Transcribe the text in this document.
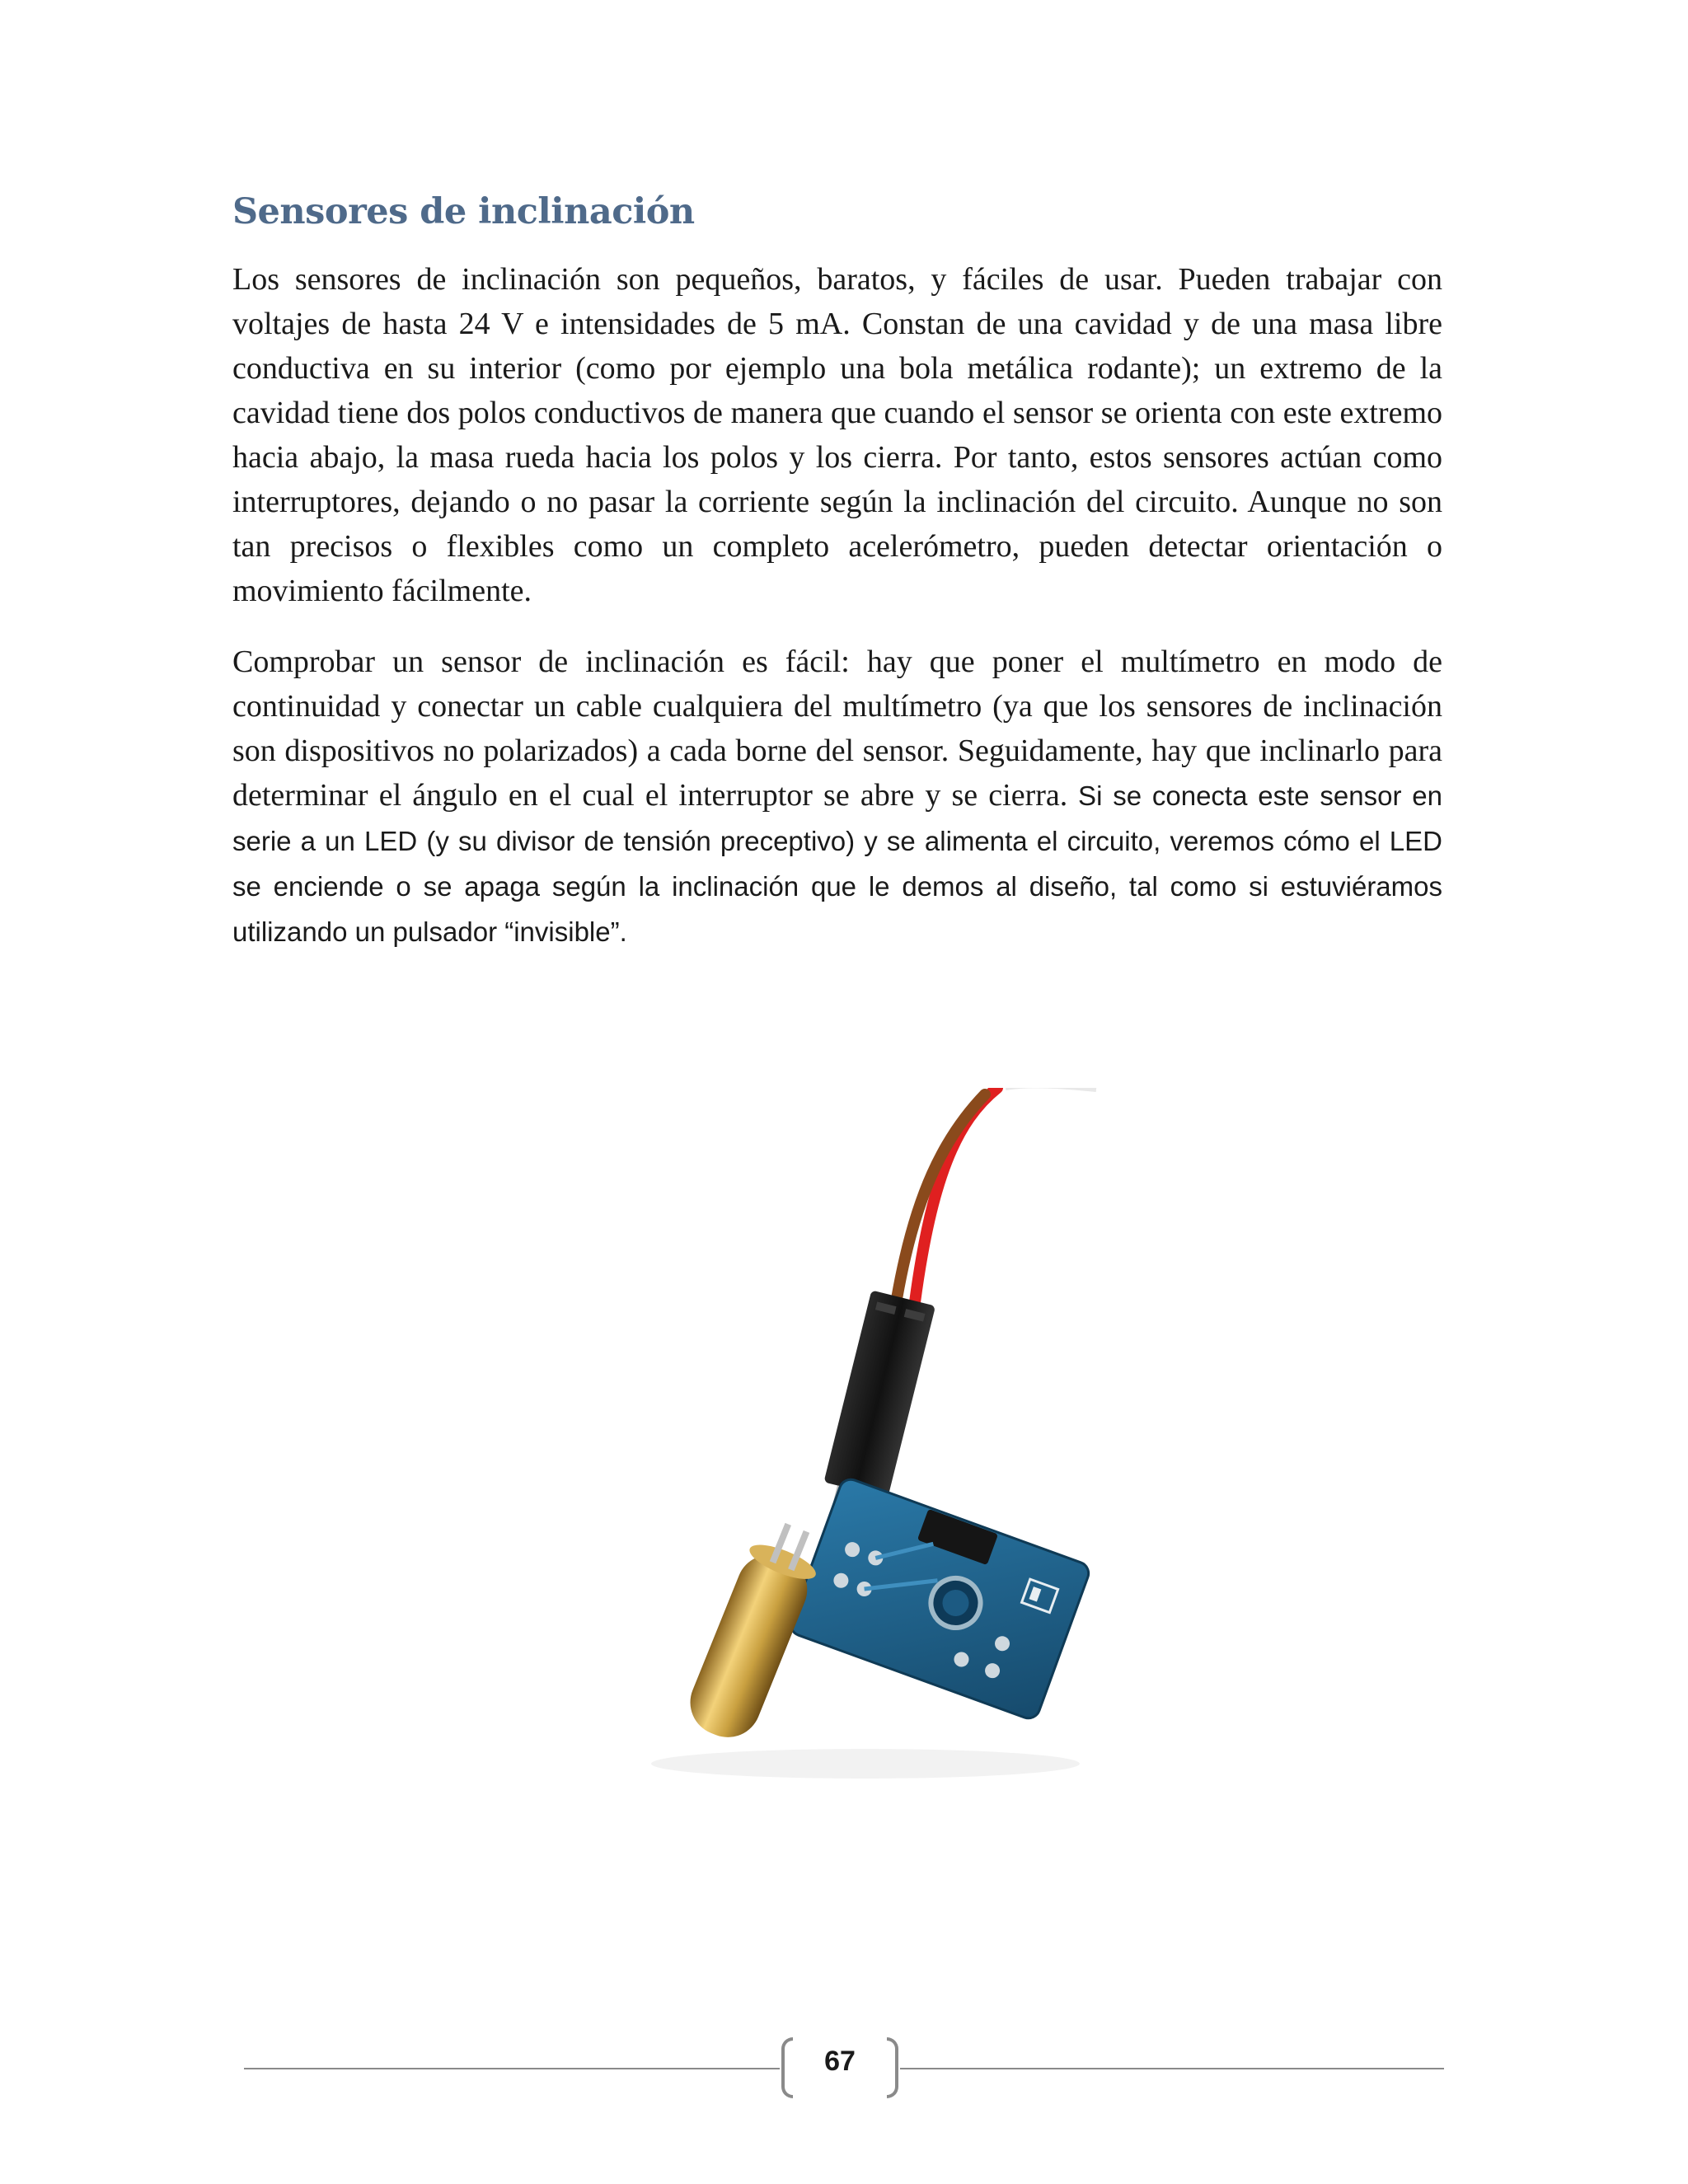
Sensores de inclinación

Los sensores de inclinación son pequeños, baratos, y fáciles de usar. Pueden trabajar con voltajes de hasta 24 V e intensidades de 5 mA. Constan de una cavidad y de una masa libre conductiva en su interior (como por ejemplo una bola metálica rodante); un extremo de la cavidad tiene dos polos conductivos de manera que cuando el sensor se orienta con este extremo hacia abajo, la masa rueda hacia los polos y los cierra. Por tanto, estos sensores actúan como interruptores, dejando o no pasar la corriente según la inclinación del circuito. Aunque no son tan precisos o flexibles como un completo acelerómetro, pueden detectar orientación o movimiento fácilmente.

Comprobar un sensor de inclinación es fácil: hay que poner el multímetro en modo de continuidad y conectar un cable cualquiera del multímetro (ya que los sensores de inclinación son dispositivos no polarizados) a cada borne del sensor. Seguidamente, hay que inclinarlo para determinar el ángulo en el cual el interruptor se abre y se cierra. Si se conecta este sensor en serie a un LED (y su divisor de tensión preceptivo) y se alimenta el circuito, veremos cómo el LED se enciende o se apaga según la inclinación que le demos al diseño, tal como si estuviéramos utilizando un pulsador “invisible”.

67
